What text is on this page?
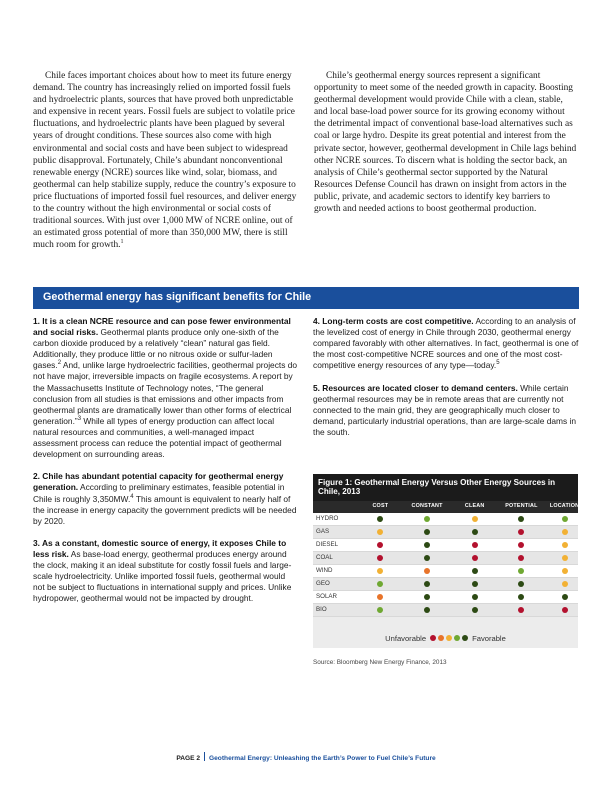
Chile faces important choices about how to meet its future energy demand. The country has increasingly relied on imported fossil fuels and hydroelectric plants, sources that have proved both unpredictable and expensive in recent years. Fossil fuels are subject to volatile price fluctuations, and hydroelectric plants have been plagued by several years of drought conditions. These sources also come with high environmental and social costs and have been subject to widespread public disapproval. Fortunately, Chile’s abundant nonconventional renewable energy (NCRE) sources like wind, solar, biomass, and geothermal can help stabilize supply, reduce the country’s exposure to price fluctuations of imported fossil fuel resources, and deliver energy to the country without the high environmental or social costs of traditional sources. With just over 1,000 MW of NCRE online, out of an estimated gross potential of more than 350,000 MW, there is still much room for growth.$^1$

Chile’s geothermal energy sources represent a significant opportunity to meet some of the needed growth in capacity. Boosting geothermal development would provide Chile with a clean, stable, and local base-load power source for its growing economy without the detrimental impact of conventional base-load alternatives such as coal or large hydro. Despite its great potential and interest from the private sector, however, geothermal development in Chile lags behind other NCRE sources. To discern what is holding the sector back, an analysis of Chile’s geothermal sector supported by the Natural Resources Defense Council has drawn on insight from actors in the public, private, and academic sectors to identify key barriers to growth and needed actions to boost geothermal production.

Geothermal energy has significant benefits for Chile

1. It is a clean NCRE resource and can pose fewer environmental and social risks. Geothermal plants produce only one-sixth of the carbon dioxide produced by a relatively “clean” natural gas field. Additionally, they produce little or no nitrous oxide or sulfur-laden gases.$^2$ And, unlike large hydroelectric facilities, geothermal projects do not have major, irreversible impacts on fragile ecosystems. A report by the Massachusetts Institute of Technology notes, “The general conclusion from all studies is that emissions and other impacts from geothermal plants are dramatically lower than other forms of electrical generation.”$^3$ While all types of energy production can affect local natural resources and communities, a well-managed impact assessment process can reduce the potential impact of geothermal development on surrounding areas.

2. Chile has abundant potential capacity for geothermal energy generation. According to preliminary estimates, feasible potential in Chile is roughly 3,350MW.$^4$ This amount is equivalent to nearly half of the increase in energy capacity the government predicts will be needed by 2020.

3. As a constant, domestic source of energy, it exposes Chile to less risk. As base-load energy, geothermal produces energy around the clock, making it an ideal substitute for costly fossil fuels and large-scale hydroelectricity. Unlike imported fossil fuels, geothermal would not be subject to fluctuations in international supply and prices. Unlike hydropower, geothermal would not be impacted by drought.

4. Long-term costs are cost competitive. According to an analysis of the levelized cost of energy in Chile through 2030, geothermal energy compared favorably with other alternatives. In fact, geothermal is one of the most cost-competitive NCRE sources and one of the most cost-competitive energy resources of any type—today.$^5$

5. Resources are located closer to demand centers. While certain geothermal resources may be in remote areas that are currently not connected to the main grid, they are geographically much closer to demand, particularly industrial operations, than are large-scale dams in the south.

Figure 1: Geothermal Energy Versus Other Energy Sources in Chile, 2013
COST	CONSTANT	CLEAN	POTENTIAL	LOCATION
HYDRO
GAS
DIESEL
COAL
WIND
GEO
SOLAR
BIO
Unfavorable	Favorable
Source: Bloomberg New Energy Finance, 2013
PAGE 2 Geothermal Energy: Unleashing the Earth’s Power to Fuel Chile’s Future
